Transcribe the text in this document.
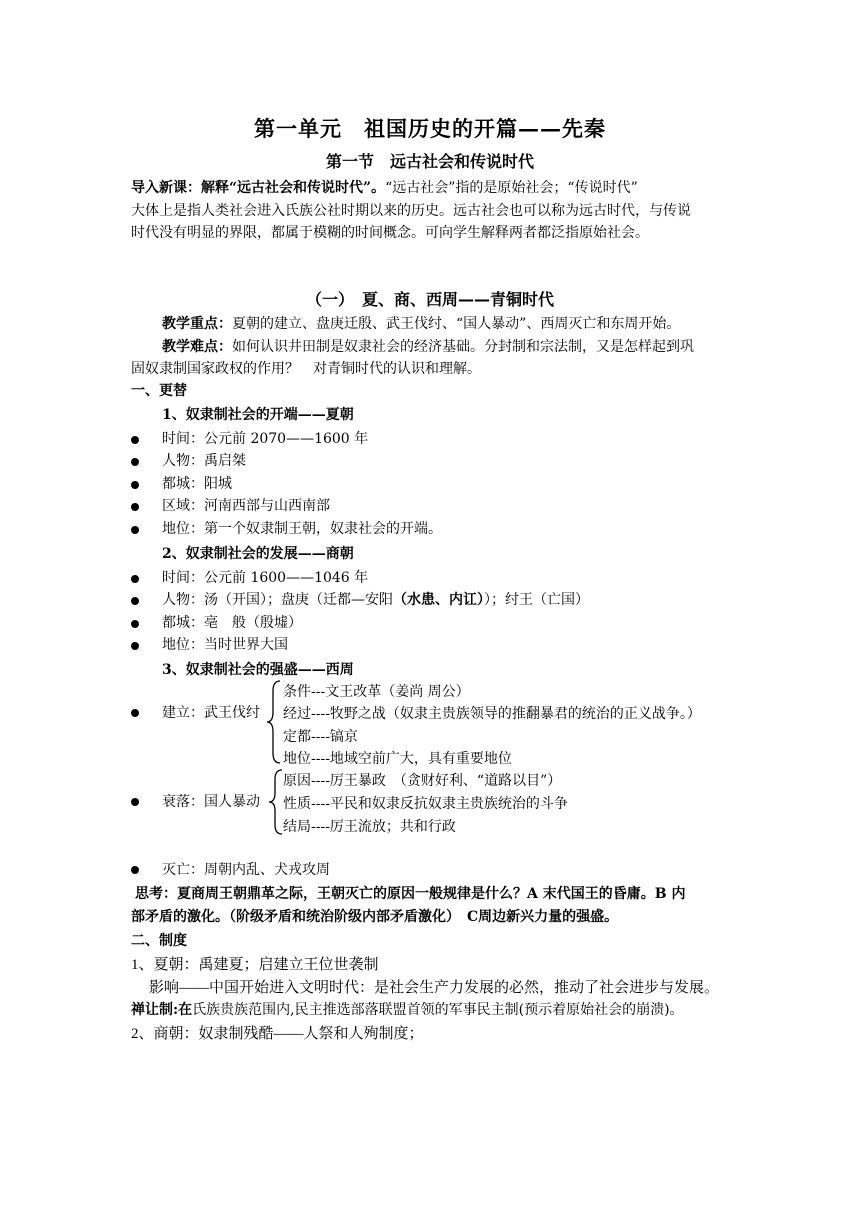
第一单元　祖国历史的开篇——先秦
第一节　远古社会和传说时代
导入新课：解释“远古社会和传说时代”。“远古社会”指的是原始社会；“传说时代”
大体上是指人类社会进入氏族公社时期以来的历史。远古社会也可以称为远古时代，与传说
时代没有明显的界限，都属于模糊的时间概念。可向学生解释两者都泛指原始社会。
（一）　夏、商、西周——青铜时代
教学重点：夏朝的建立、盘庚迁殷、武王伐纣、“国人暴动”、西周灭亡和东周开始。
教学难点：如何认识井田制是奴隶社会的经济基础。分封制和宗法制，又是怎样起到巩
固奴隶制国家政权的作用？　对青铜时代的认识和理解。
一、更替
1、奴隶制社会的开端——夏朝
时间：公元前 2070——1600 年
人物：禹启桀
都城：阳城
区域：河南西部与山西南部
地位：第一个奴隶制王朝，奴隶社会的开端。
2、奴隶制社会的发展——商朝
时间：公元前 1600——1046 年
人物：汤（开国）；盘庚（迁都—安阳（水患、内讧））；纣王（亡国）
都城：亳　般（殷墟）
地位：当时世界大国
3、奴隶制社会的强盛——西周
建立：武王伐纣
条件---文王改革（姜尚 周公）
经过----牧野之战（奴隶主贵族领导的推翻暴君的统治的正义战争。）
定都----镐京
地位----地域空前广大，具有重要地位
衰落：国人暴动
原因----厉王暴政　（贪财好利、“道路以目”）
性质----平民和奴隶反抗奴隶主贵族统治的斗争
结局----厉王流放；共和行政
灭亡：周朝内乱、犬戎攻周
思考：夏商周王朝鼎革之际，王朝灭亡的原因一般规律是什么？A 末代国王的昏庸。B 内
部矛盾的激化。（阶级矛盾和统治阶级内部矛盾激化）　C周边新兴力量的强盛。
二、制度
1、夏朝：禹建夏；启建立王位世袭制
影响——中国开始进入文明时代：是社会生产力发展的必然，推动了社会进步与发展。
禅让制:在氏族贵族范围内,民主推选部落联盟首领的军事民主制(预示着原始社会的崩溃)。
2、商朝：奴隶制残酷——人祭和人殉制度；
